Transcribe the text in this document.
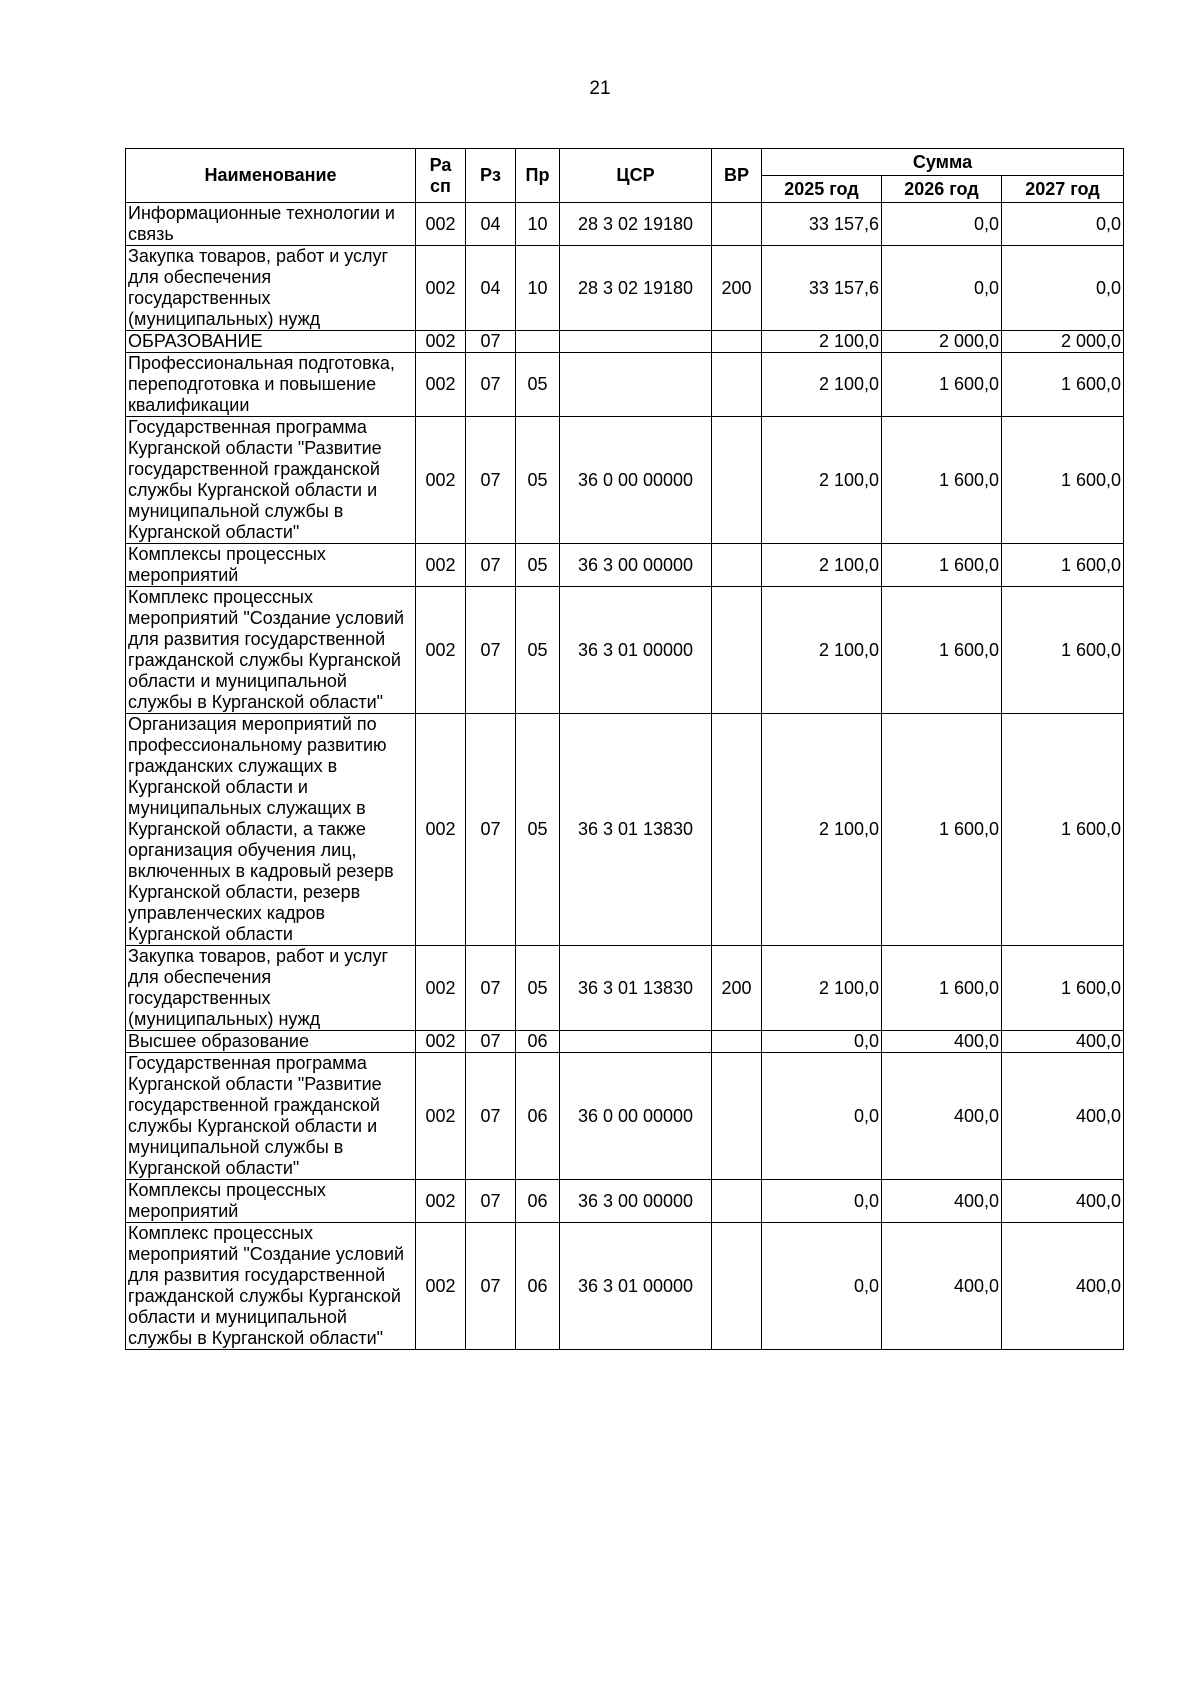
21
Наименование	Ра сп	Рз	Пр	ЦСР	ВР	Сумма		
						2025 год	2026 год	2027 год
Информационные технологии и связь	002	04	10	28 3 02 19180		33 157,6	0,0	0,0
Закупка товаров, работ и услуг для обеспечения государственных (муниципальных) нужд	002	04	10	28 3 02 19180	200	33 157,6	0,0	0,0
ОБРАЗОВАНИЕ	002	07				2 100,0	2 000,0	2 000,0
Профессиональная подготовка, переподготовка и повышение квалификации	002	07	05			2 100,0	1 600,0	1 600,0
Государственная программа Курганской области "Развитие государственной гражданской службы Курганской области и муниципальной службы в Курганской области"	002	07	05	36 0 00 00000		2 100,0	1 600,0	1 600,0
Комплексы процессных мероприятий	002	07	05	36 3 00 00000		2 100,0	1 600,0	1 600,0
Комплекс процессных мероприятий "Создание условий для развития государственной гражданской службы Курганской области и муниципальной службы в Курганской области"	002	07	05	36 3 01 00000		2 100,0	1 600,0	1 600,0
Организация мероприятий по профессиональному развитию гражданских служащих в Курганской области и муниципальных служащих в Курганской области, а также организация обучения лиц, включенных в кадровый резерв Курганской области, резерв управленческих кадров Курганской области	002	07	05	36 3 01 13830		2 100,0	1 600,0	1 600,0
Закупка товаров, работ и услуг для обеспечения государственных (муниципальных) нужд	002	07	05	36 3 01 13830	200	2 100,0	1 600,0	1 600,0
Высшее образование	002	07	06			0,0	400,0	400,0
Государственная программа Курганской области "Развитие государственной гражданской службы Курганской области и муниципальной службы в Курганской области"	002	07	06	36 0 00 00000		0,0	400,0	400,0
Комплексы процессных мероприятий	002	07	06	36 3 00 00000		0,0	400,0	400,0
Комплекс процессных мероприятий "Создание условий для развития государственной гражданской службы Курганской области и муниципальной службы в Курганской области"	002	07	06	36 3 01 00000		0,0	400,0	400,0
